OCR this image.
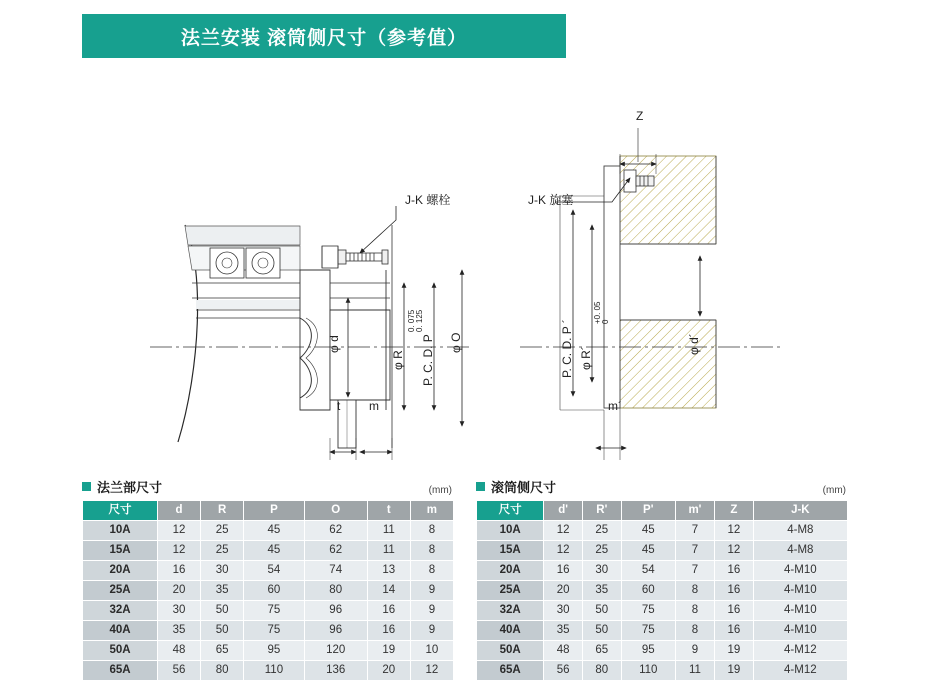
法兰安装 滚筒侧尺寸（参考值）
J-K 螺栓
φ d
φ R
0. 075 0. 125
P. C. D. P φ O
t m
J-K 旋塞
Z
P. C. D. P ´ φ R´
+0. 05 0
φ d´
m´
法兰部尺寸	(mm)
尺寸	d	R	P	O	t	m
10A	12	25	45	62	11	8
15A	12	25	45	62	11	8
20A	16	30	54	74	13	8
25A	20	35	60	80	14	9
32A	30	50	75	96	16	9
40A	35	50	75	96	16	9
50A	48	65	95	120	19	10
65A	56	80	110	136	20	12
滚筒侧尺寸	(mm)
尺寸	d'	R'	P'	m'	Z	J-K
10A	12	25	45	7	12	4-M8
15A	12	25	45	7	12	4-M8
20A	16	30	54	7	16	4-M10
25A	20	35	60	8	16	4-M10
32A	30	50	75	8	16	4-M10
40A	35	50	75	8	16	4-M10
50A	48	65	95	9	19	4-M12
65A	56	80	110	11	19	4-M12
